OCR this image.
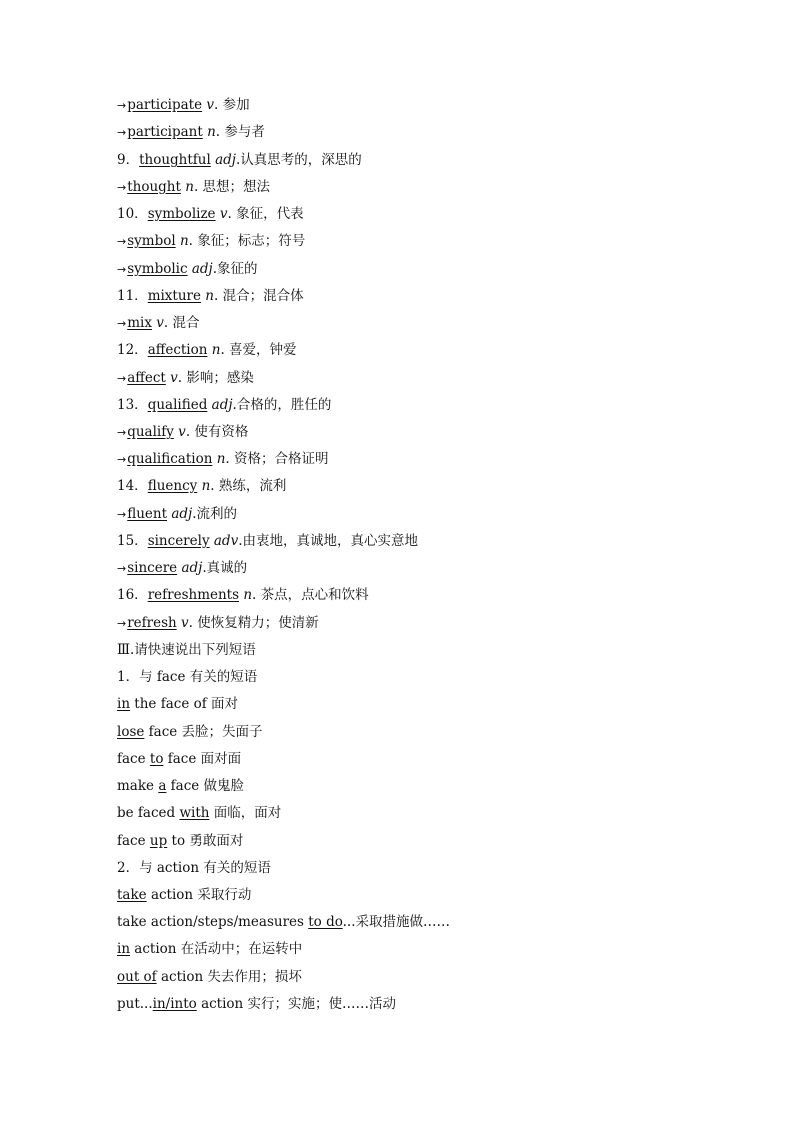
→participate v. 参加
→participant n. 参与者
9．thoughtful adj.认真思考的，深思的
→thought n. 思想；想法
10．symbolize v. 象征，代表
→symbol n. 象征；标志；符号
→symbolic adj.象征的
11．mixture n. 混合；混合体
→mix v. 混合
12．affection n. 喜爱，钟爱
→affect v. 影响；感染
13．qualified adj.合格的，胜任的
→qualify v. 使有资格
→qualification n. 资格；合格证明
14．fluency n. 熟练，流利
→fluent adj.流利的
15．sincerely adv.由衷地，真诚地，真心实意地
→sincere adj.真诚的
16．refreshments n. 茶点，点心和饮料
→refresh v. 使恢复精力；使清新
Ⅲ.请快速说出下列短语
1．与 face 有关的短语
in the face of 面对
lose face 丢脸；失面子
face to face 面对面
make a face 做鬼脸
be faced with 面临，面对
face up to 勇敢面对
2．与 action 有关的短语
take action 采取行动
take action/steps/measures to do...采取措施做……
in action 在活动中；在运转中
out of action 失去作用；损坏
put...in/into action 实行；实施；使……活动
